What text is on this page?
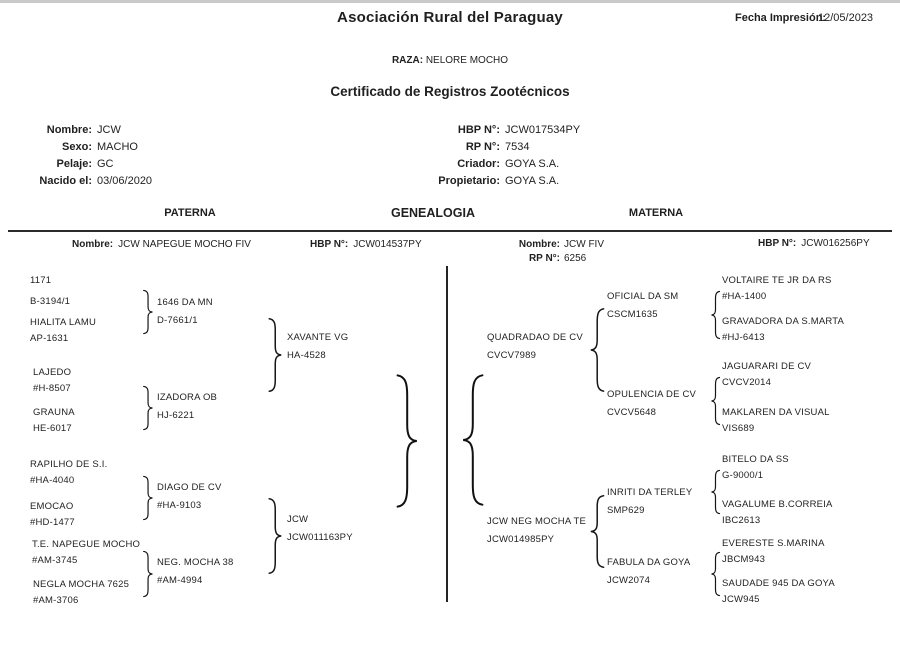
Asociación Rural del Paraguay	Fecha Impresión:
12/05/2023
RAZA: NELORE MOCHO
Certificado de Registros Zootécnicos
Nombre: JCW
Sexo: MACHO
Pelaje: GC
Nacido el: 03/06/2020
HBP N°: JCW017534PY
RP N°: 7534
Criador: GOYA S.A.
Propietario: GOYA S.A.
PATERNA	GENEALOGIA	MATERNA
Nombre: JCW NAPEGUE MOCHO FIV	HBP N°: JCW014537PY	Nombre: JCW FIV
RP N°: 6256
HBP N°: JCW016256PY
1171
B-3194/1
HIALITA LAMU
AP-1631
LAJEDO
#H-8507
GRAUNA
HE-6017
RAPILHO DE S.I.
#HA-4040
EMOCAO
#HD-1477
T.E. NAPEGUE MOCHO
#AM-3745
NEGLA MOCHA 7625
#AM-3706
1646 DA MN
D-7661/1
IZADORA OB
HJ-6221
DIAGO DE CV
#HA-9103
NEG. MOCHA 38
#AM-4994
XAVANTE VG
HA-4528
JCW
JCW011163PY
QUADRADAO DE CV
CVCV7989
JCW NEG MOCHA TE
JCW014985PY
OFICIAL DA SM
CSCM1635
OPULENCIA DE CV
CVCV5648
INRITI DA TERLEY
SMP629
FABULA DA GOYA
JCW2074
VOLTAIRE TE JR DA RS
#HA-1400
GRAVADORA DA S.MARTA
#HJ-6413
JAGUARARI DE CV
CVCV2014
MAKLAREN DA VISUAL
VIS689
BITELO DA SS
G-9000/1
VAGALUME B.CORREIA
IBC2613
EVERESTE S.MARINA
JBCM943
SAUDADE 945 DA GOYA
JCW945
